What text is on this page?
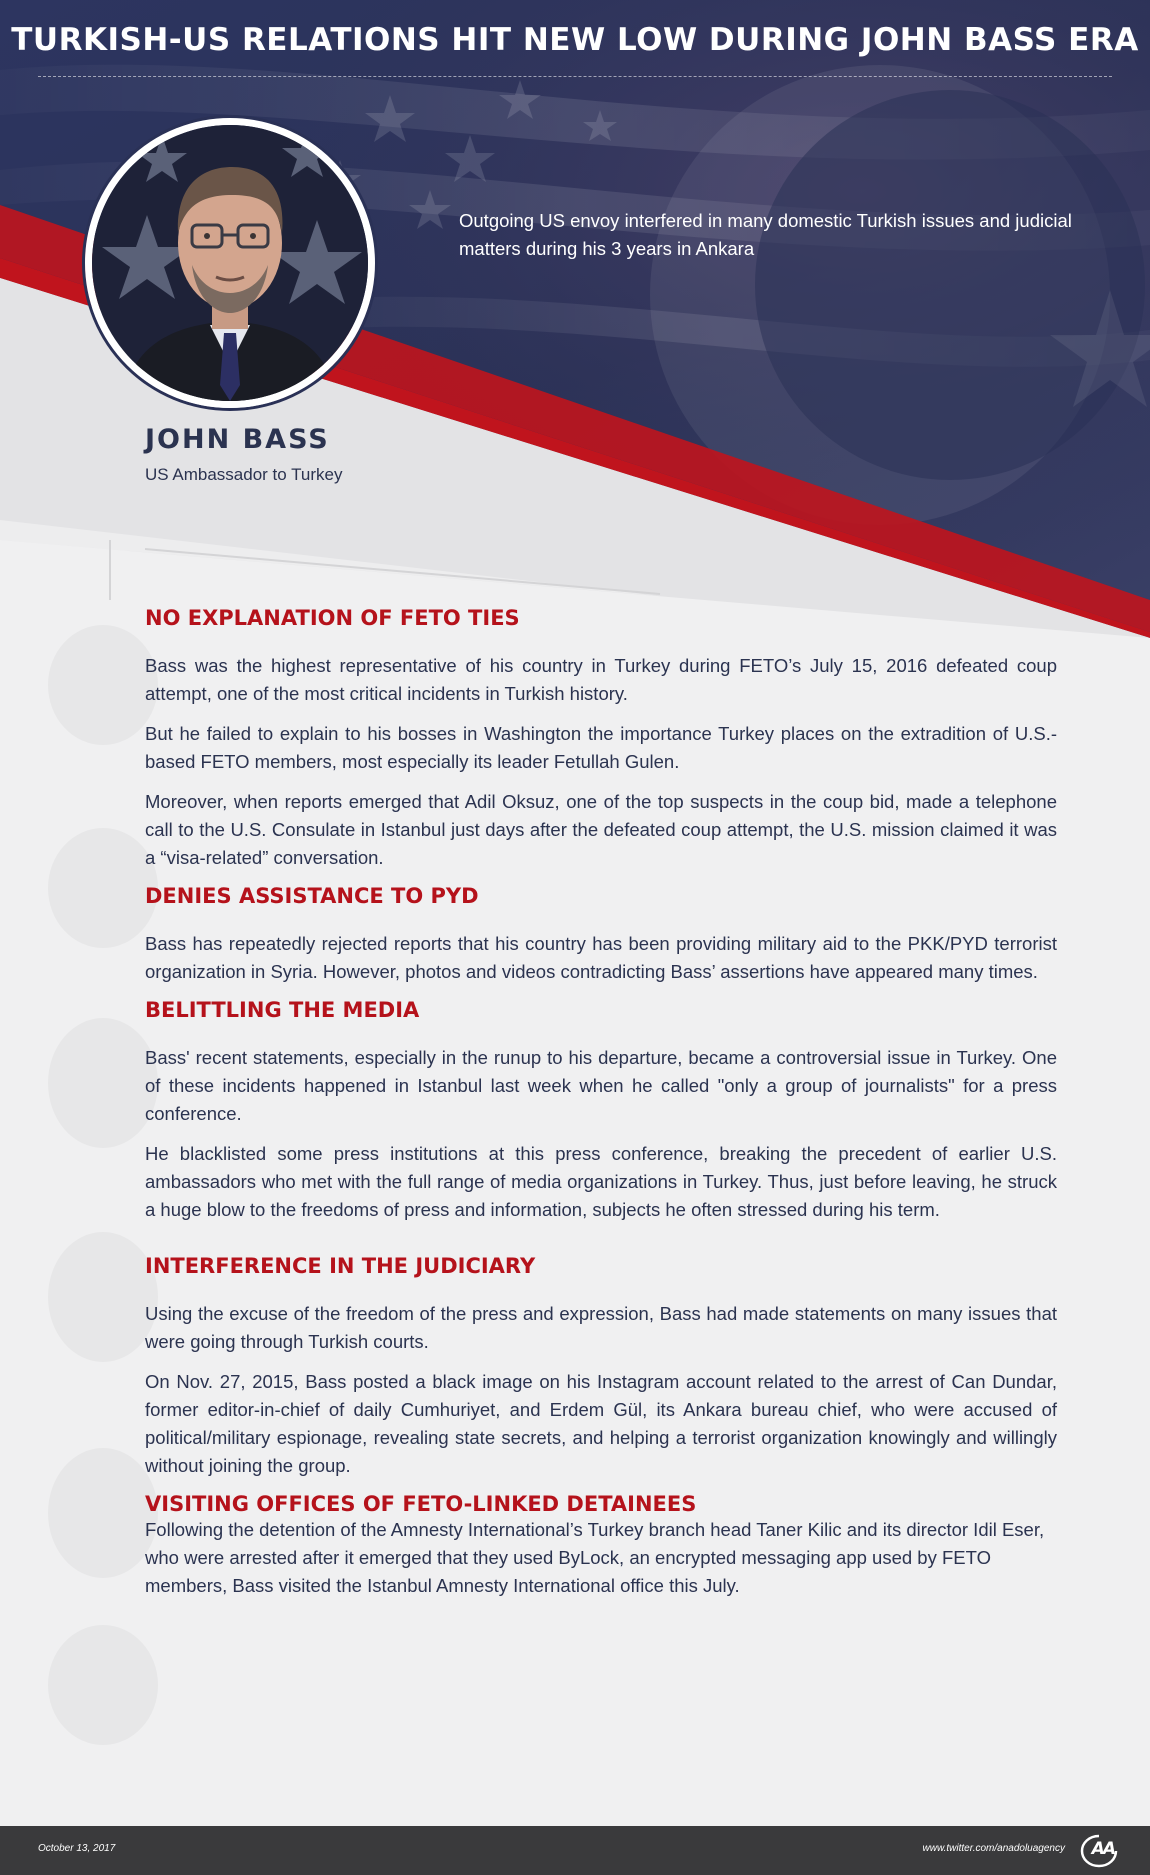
TURKISH-US RELATIONS HIT NEW LOW DURING JOHN BASS ERA
Outgoing US envoy interfered in many domestic Turkish issues and judicial matters during his 3 years in Ankara
JOHN BASS
US Ambassador to Turkey
NO EXPLANATION OF FETO TIES

Bass was the highest representative of his country in Turkey during FETO’s July 15, 2016 defeated coup attempt, one of the most critical incidents in Turkish history.

But he failed to explain to his bosses in Washington the importance Turkey places on the extradition of U.S.-based FETO members, most especially its leader Fetullah Gulen.

Moreover, when reports emerged that Adil Oksuz, one of the top suspects in the coup bid, made a telephone call to the U.S. Consulate in Istanbul just days after the defeated coup attempt, the U.S. mission claimed it was a “visa-related” conversation.

DENIES ASSISTANCE TO PYD

Bass has repeatedly rejected reports that his country has been providing military aid to the PKK/PYD terrorist organization in Syria. However, photos and videos contradicting Bass’ assertions have appeared many times.

BELITTLING THE MEDIA

Bass' recent statements, especially in the runup to his departure, became a controversial issue in Turkey. One of these incidents happened in Istanbul last week when he called "only a group of journalists" for a press conference.

He blacklisted some press institutions at this press conference, breaking the precedent of earlier U.S. ambassadors who met with the full range of media organizations in Turkey. Thus, just before leaving, he struck a huge blow to the freedoms of press and information, subjects he often stressed during his term.

INTERFERENCE IN THE JUDICIARY

Using the excuse of the freedom of the press and expression, Bass had made statements on many issues that were going through Turkish courts.

On Nov. 27, 2015, Bass posted a black image on his Instagram account related to the arrest of Can Dundar, former editor-in-chief of daily Cumhuriyet, and Erdem Gül, its Ankara bureau chief, who were accused of political/military espionage, revealing state secrets, and helping a terrorist organization knowingly and willingly without joining the group.

VISITING OFFICES OF FETO-LINKED DETAINEES

Following the detention of the Amnesty International’s Turkey branch head Taner Kilic and its director Idil Eser, who were arrested after it emerged that they used ByLock, an encrypted messaging app used by FETO members, Bass visited the Istanbul Amnesty International office this July.

October 13, 2017	www.twitter.com/anadoluagency AA
